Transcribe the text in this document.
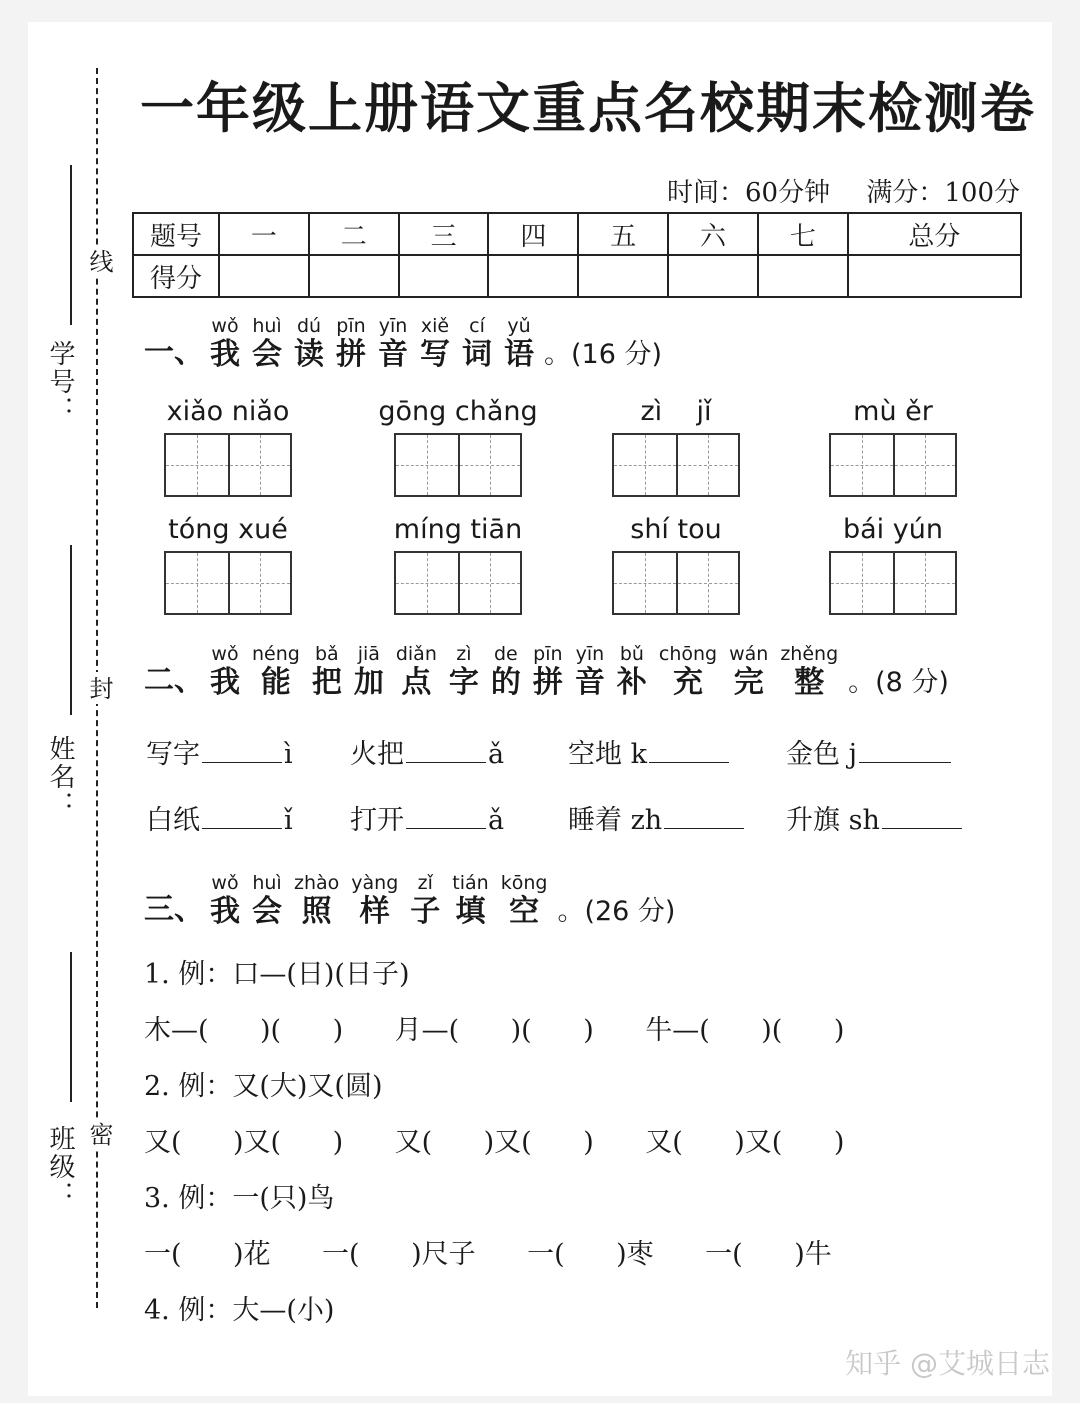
学号：
姓名：
班级：
线
封
密
一年级上册语文重点名校期末检测卷
时间：60分钟 满分：100分
题号	一	二	三	四	五	六	七	总分
得分								
一、
wǒ
我
huì
会
dú
读
pīn
拼
yīn
音
xiě
写
cí
词
yǔ
语 。(16 分)
xiǎo niǎo	gōng chǎng	zì    jǐ	mù ěr
tóng xué	míng tiān	shí tou	bái yún
二、
wǒ
我
néng
能
bǎ
把
jiā
加
diǎn
点
zì
字
de
的
pīn
拼
yīn
音
bǔ
补
chōng
充
wán
完
zhěng
整 。(8 分)
写字	ì 火把	ǎ 空地 k	金色 j
白纸	ǐ 打开	ǎ 睡着 zh	升旗 sh
三、
wǒ
我
huì
会
zhào
照
yàng
样
zǐ
子
tián
填
kōng
空 。(26 分)
1. 例：口—(日)(日子)
木—(      )(      )      月—(      )(      )      牛—(      )(      )
2. 例：又(大)又(圆)
又(      )又(      )      又(      )又(      )      又(      )又(      )
3. 例：一(只)鸟
一(      )花      一(      )尺子      一(      )枣      一(      )牛
4. 例：大—(小)
知乎 @艾城日志
